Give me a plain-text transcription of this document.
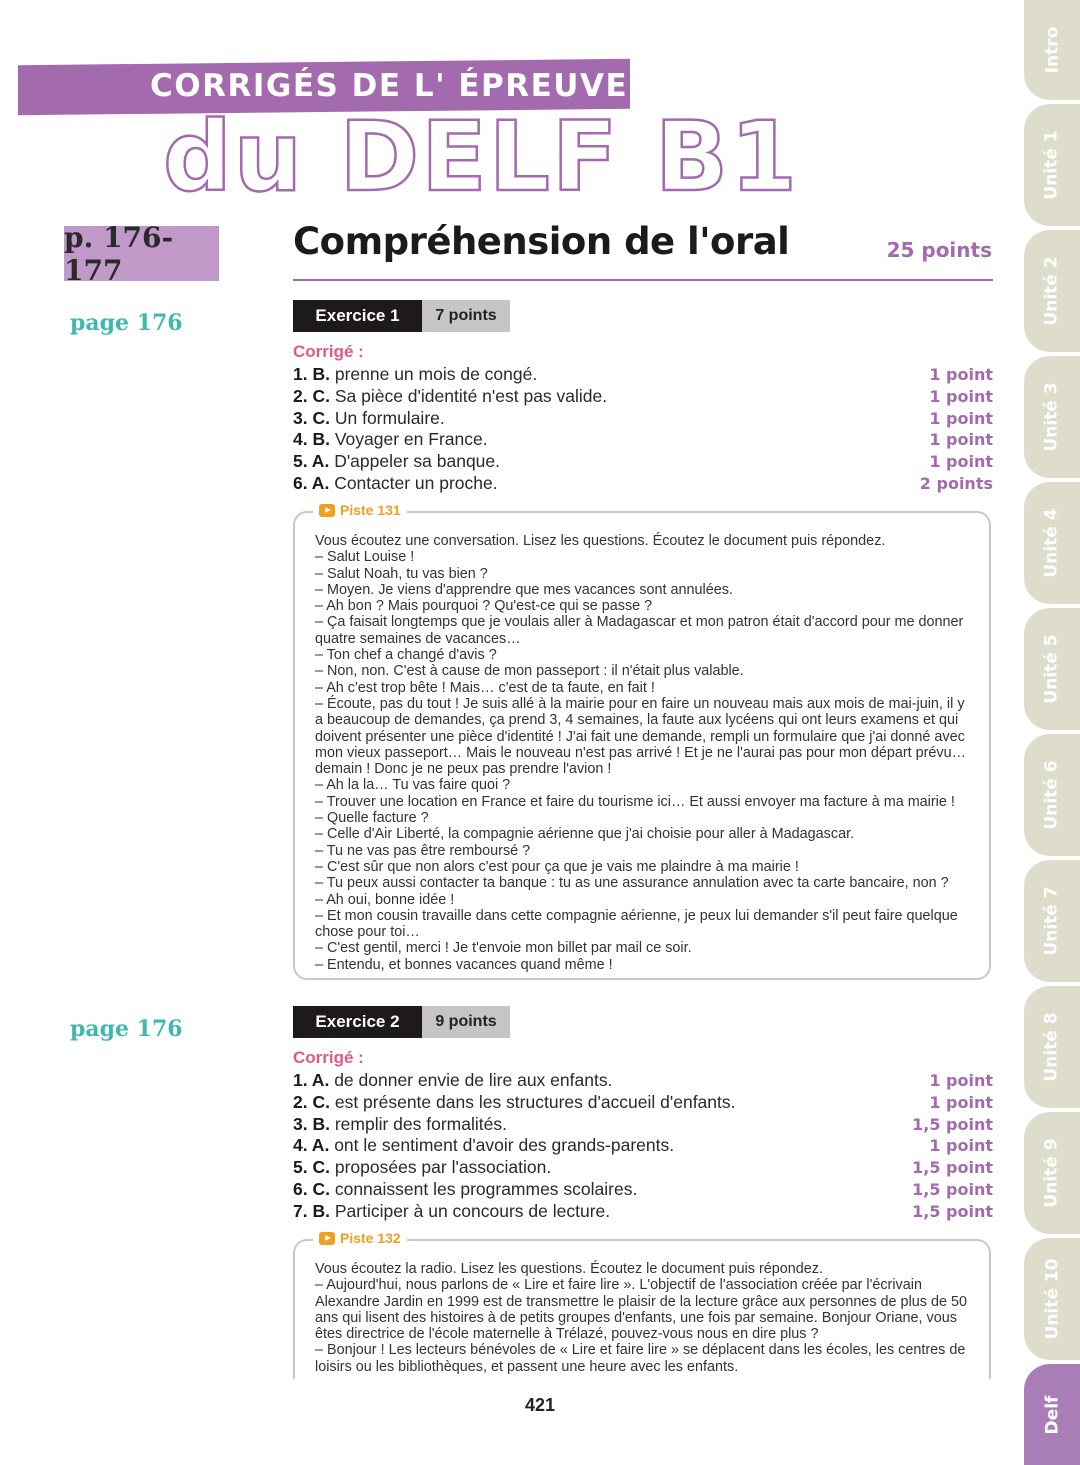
CORRIGÉS DE L' ÉPREUVE
du DELF B1
p. 176-177
page 176
page 176
Compréhension de l'oral	25 points
Exercice 1	7 points
Corrigé :
1. B. prenne un mois de congé.	1 point
2. C. Sa pièce d'identité n'est pas valide.	1 point
3. C. Un formulaire.	1 point
4. B. Voyager en France.	1 point
5. A. D'appeler sa banque.	1 point
6. A. Contacter un proche.	2 points
Piste 131

Vous écoutez une conversation. Lisez les questions. Écoutez le document puis répondez.

– Salut Louise !

– Salut Noah, tu vas bien ?

– Moyen. Je viens d'apprendre que mes vacances sont annulées.

– Ah bon ? Mais pourquoi ? Qu'est-ce qui se passe ?

– Ça faisait longtemps que je voulais aller à Madagascar et mon patron était d'accord pour me donner quatre semaines de vacances…

– Ton chef a changé d'avis ?

– Non, non. C'est à cause de mon passeport : il n'était plus valable.

– Ah c'est trop bête ! Mais… c'est de ta faute, en fait !

– Écoute, pas du tout ! Je suis allé à la mairie pour en faire un nouveau mais aux mois de mai-juin, il y a beaucoup de demandes, ça prend 3, 4 semaines, la faute aux lycéens qui ont leurs examens et qui doivent présenter une pièce d'identité ! J'ai fait une demande, rempli un formulaire que j'ai donné avec mon vieux passeport… Mais le nouveau n'est pas arrivé ! Et je ne l'aurai pas pour mon départ prévu… demain ! Donc je ne peux pas prendre l'avion !

– Ah la la… Tu vas faire quoi ?

– Trouver une location en France et faire du tourisme ici… Et aussi envoyer ma facture à ma mairie !

– Quelle facture ?

– Celle d'Air Liberté, la compagnie aérienne que j'ai choisie pour aller à Madagascar.

– Tu ne vas pas être remboursé ?

– C'est sûr que non alors c'est pour ça que je vais me plaindre à ma mairie !

– Tu peux aussi contacter ta banque : tu as une assurance annulation avec ta carte bancaire, non ?

– Ah oui, bonne idée !

– Et mon cousin travaille dans cette compagnie aérienne, je peux lui demander s'il peut faire quelque chose pour toi…

– C'est gentil, merci ! Je t'envoie mon billet par mail ce soir.

– Entendu, et bonnes vacances quand même !

Exercice 2	9 points
Corrigé :
1. A. de donner envie de lire aux enfants.	1 point
2. C. est présente dans les structures d'accueil d'enfants.	1 point
3. B. remplir des formalités.	1,5 point
4. A. ont le sentiment d'avoir des grands-parents.	1 point
5. C. proposées par l'association.	1,5 point
6. C. connaissent les programmes scolaires.	1,5 point
7. B. Participer à un concours de lecture.	1,5 point
Piste 132

Vous écoutez la radio. Lisez les questions. Écoutez le document puis répondez.

– Aujourd'hui, nous parlons de « Lire et faire lire ». L'objectif de l'association créée par l'écrivain Alexandre Jardin en 1999 est de transmettre le plaisir de la lecture grâce aux personnes de plus de 50 ans qui lisent des histoires à de petits groupes d'enfants, une fois par semaine. Bonjour Oriane, vous êtes directrice de l'école maternelle à Trélazé, pouvez-vous nous en dire plus ?

– Bonjour ! Les lecteurs bénévoles de « Lire et faire lire » se déplacent dans les écoles, les centres de loisirs ou les bibliothèques, et passent une heure avec les enfants.

421
Intro
Unité 1
Unité 2
Unité 3
Unité 4
Unité 5
Unité 6
Unité 7
Unité 8
Unité 9
Unité 10
Delf
